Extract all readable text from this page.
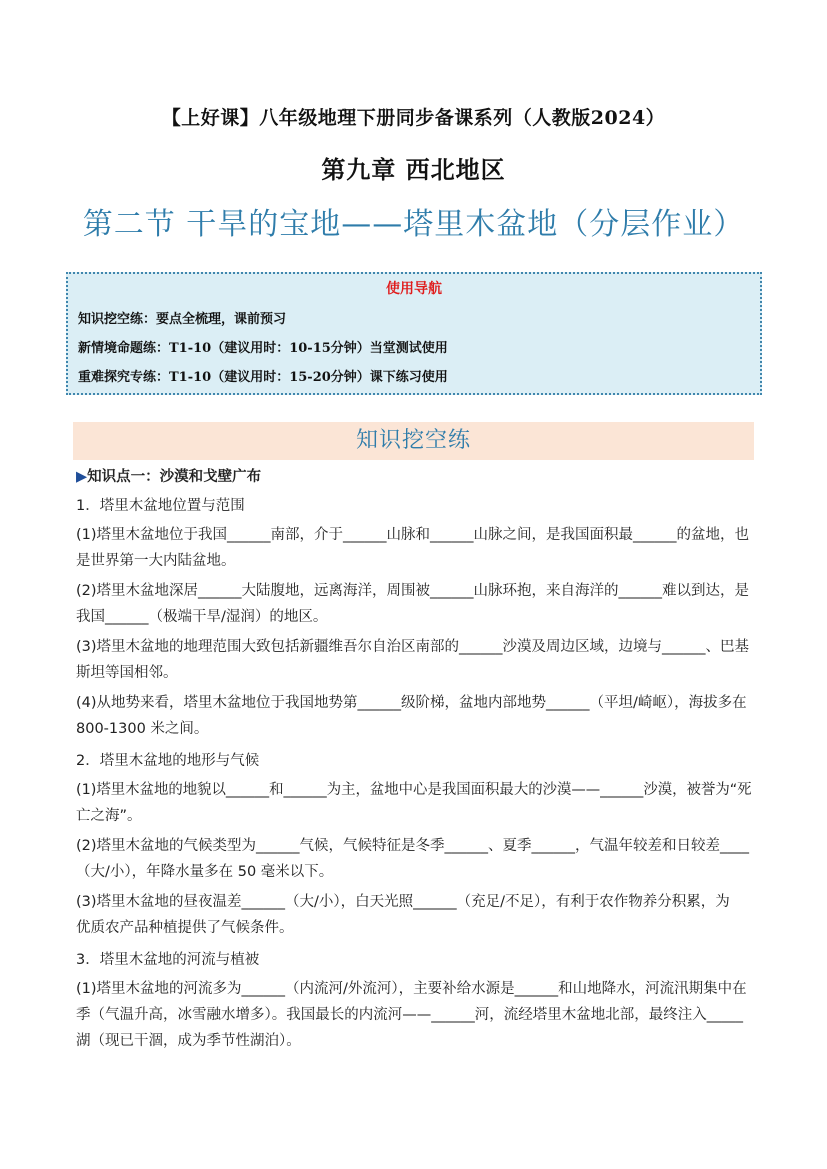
【上好课】八年级地理下册同步备课系列（人教版2024）
第九章 西北地区
第二节 干旱的宝地——塔里木盆地（分层作业）
使用导航
知识挖空练：要点全梳理，课前预习
新情境命题练：T1-10（建议用时：10-15分钟）当堂测试使用
重难探究专练：T1-10（建议用时：15-20分钟）课下练习使用
知识挖空练
▶知识点一：沙漠和戈壁广布
1．塔里木盆地位置与范围
(1)塔里木盆地位于我国______南部，介于______山脉和______山脉之间，是我国面积最______的盆地，也
是世界第一大内陆盆地。
(2)塔里木盆地深居______大陆腹地，远离海洋，周围被______山脉环抱，来自海洋的______难以到达，是
我国______（极端干旱/湿润）的地区。
(3)塔里木盆地的地理范围大致包括新疆维吾尔自治区南部的______沙漠及周边区域，边境与______、巴基
斯坦等国相邻。
(4)从地势来看，塔里木盆地位于我国地势第______级阶梯，盆地内部地势______（平坦/崎岖），海拔多在
800-1300 米之间。
2．塔里木盆地的地形与气候
(1)塔里木盆地的地貌以______和______为主，盆地中心是我国面积最大的沙漠——______沙漠，被誉为“死
亡之海”。
(2)塔里木盆地的气候类型为______气候，气候特征是冬季______、夏季______，气温年较差和日较差____
（大/小），年降水量多在 50 毫米以下。
(3)塔里木盆地的昼夜温差______（大/小），白天光照______（充足/不足），有利于农作物养分积累，为
优质农产品种植提供了气候条件。
3．塔里木盆地的河流与植被
(1)塔里木盆地的河流多为______（内流河/外流河），主要补给水源是______和山地降水，河流汛期集中在
季（气温升高，冰雪融水增多）。我国最长的内流河——______河，流经塔里木盆地北部，最终注入_____
湖（现已干涸，成为季节性湖泊）。
